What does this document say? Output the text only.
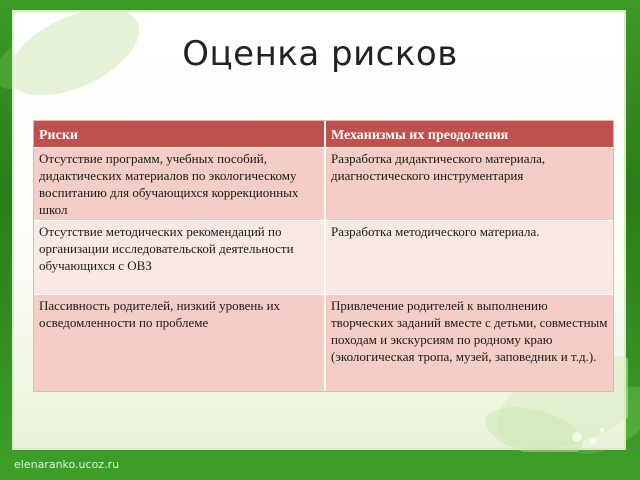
Оценка рисков
Риски	Механизмы их преодоления
Отсутствие программ, учебных пособий, дидактических материалов по экологическому воспитанию для обучающихся коррекционных школ
Разработка дидактического материала, диагностического инструментария
Отсутствие методических рекомендаций по организации исследовательской деятельности обучающихся с ОВЗ
Разработка методического материала.
Пассивность родителей, низкий уровень их осведомленности по проблеме
Привлечение родителей к выполнению творческих заданий вместе с детьми, совместным походам и экскурсиям по родному краю (экологическая тропа, музей, заповедник и т.д.).
elenaranko.ucoz.ru
